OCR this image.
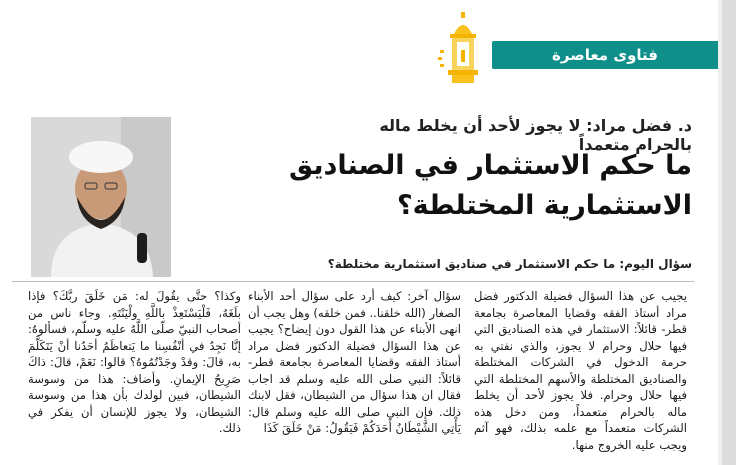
فتاوى معاصرة
د. فضل مراد: لا يجوز لأحد أن يخلط ماله بالحرام متعمداً
ما حكم الاستثمار في الصناديق الاستثمارية المختلطة؟
سؤال اليوم: ما حكم الاستثمار في صناديق استثمارية مختلطة؟

يجيب عن هذا السؤال فضيلة الدكتور فضل مراد أستاذ الفقه وقضايا المعاصرة بجامعة قطر- قائلاً: الاستثمار في هذه الصناديق التي فيها حلال وحرام لا يجوز، والذي نفتي به حرمة الدخول في الشركات المختلطة والصناديق المختلطة والأسهم المختلطة التي فيها حلال وحرام. فلا يجوز لأحد أن يخلط ماله بالحرام متعمداً، ومن دخل هذه الشركات متعمداً مع علمه بذلك، فهو آثم ويجب عليه الخروج منها.

سؤال آخر: كيف أرد على سؤال أحد الأبناء الصغار (الله خلقنا.. فمن خلقه) وهل يجب أن انهى الأبناء عن هذا القول دون إيضاح؟ يجيب عن هذا السؤال فضيلة الدكتور فضل مراد أستاذ الفقه وقضايا المعاصرة بجامعة قطر- قائلاً: النبي صلى الله عليه وسلم قد اجاب فقال ان هذا سؤال من الشيطان، فقل لابنك ذلك. فإن النبي صلى الله عليه وسلم قال: يَأْتِي الشَّيْطَانُ أَحَدَكُمْ فَيَقُولُ: مَنْ خَلَقَ كَذَا

وكذا؟ حتَّى يقُولَ له: مَن خَلَقَ ربَّكَ؟ فإذا بلَغَهُ، فَلْيَسْتَعِذْ باللَّهِ ولْيَنْتَهِ. وجاء ناس من أصحاب النبيّ صلّى اللَّهُ عليه وسلّم، فسألوهُ: إنَّا نَجِدُ في أنْفُسِنا ما يَتعاظَمُ أحَدُنا أنْ يَتَكَلَّمَ به، قالَ: وقدْ وجَدْتُمُوهُ؟ قالوا: نَعَمْ، قالَ: ذاكَ صَرِيحُ الإيمانِ. وأضاف: هذا من وسوسة الشيطان، فبين لولدك بأن هذا من وسوسة الشيطان، ولا يجوز للإنسان أن يفكر في ذلك.
